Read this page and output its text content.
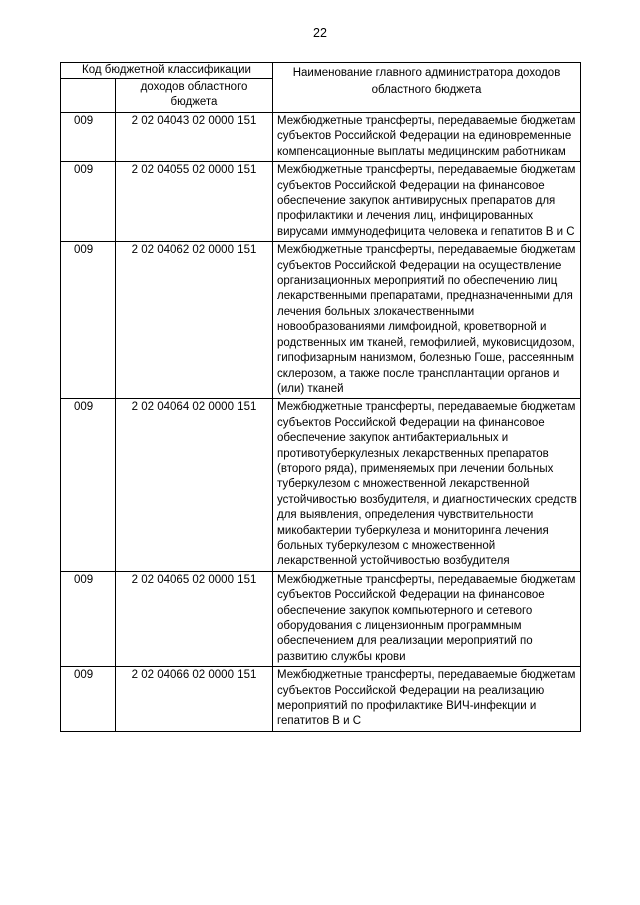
22
Код бюджетной классификации		Наименование главного администратора доходов областного бюджета
	доходов областного бюджета	
009	2 02 04043 02 0000 151	Межбюджетные трансферты, передаваемые бюджетам субъектов Российской Федерации на единовременные компенсационные выплаты медицинским работникам
009	2 02 04055 02 0000 151	Межбюджетные трансферты, передаваемые бюджетам субъектов Российской Федерации на финансовое обеспечение закупок антивирусных препаратов для профилактики и лечения лиц, инфицированных вирусами иммунодефицита человека и гепатитов В и С
009	2 02 04062 02 0000 151	Межбюджетные трансферты, передаваемые бюджетам субъектов Российской Федерации на осуществление организационных мероприятий по обеспечению лиц лекарственными препаратами, предназначенными для лечения больных злокачественными новообразованиями лимфоидной, кроветворной и родственных им тканей, гемофилией, муковисцидозом, гипофизарным нанизмом, болезнью Гоше, рассеянным склерозом, а также после трансплантации органов и (или) тканей
009	2 02 04064 02 0000 151	Межбюджетные трансферты, передаваемые бюджетам субъектов Российской Федерации на финансовое обеспечение закупок антибактериальных и противотуберкулезных лекарственных препаратов (второго ряда), применяемых при лечении больных туберкулезом с множественной лекарственной устойчивостью возбудителя, и диагностических средств для выявления, определения чувствительности микобактерии туберкулеза и мониторинга лечения больных туберкулезом с множественной лекарственной устойчивостью возбудителя
009	2 02 04065 02 0000 151	Межбюджетные трансферты, передаваемые бюджетам субъектов Российской Федерации на финансовое обеспечение закупок компьютерного и сетевого оборудования с лицензионным программным обеспечением для реализации мероприятий по развитию службы крови
009	2 02 04066 02 0000 151	Межбюджетные трансферты, передаваемые бюджетам субъектов Российской Федерации на реализацию мероприятий по профилактике ВИЧ-инфекции и гепатитов В и С
